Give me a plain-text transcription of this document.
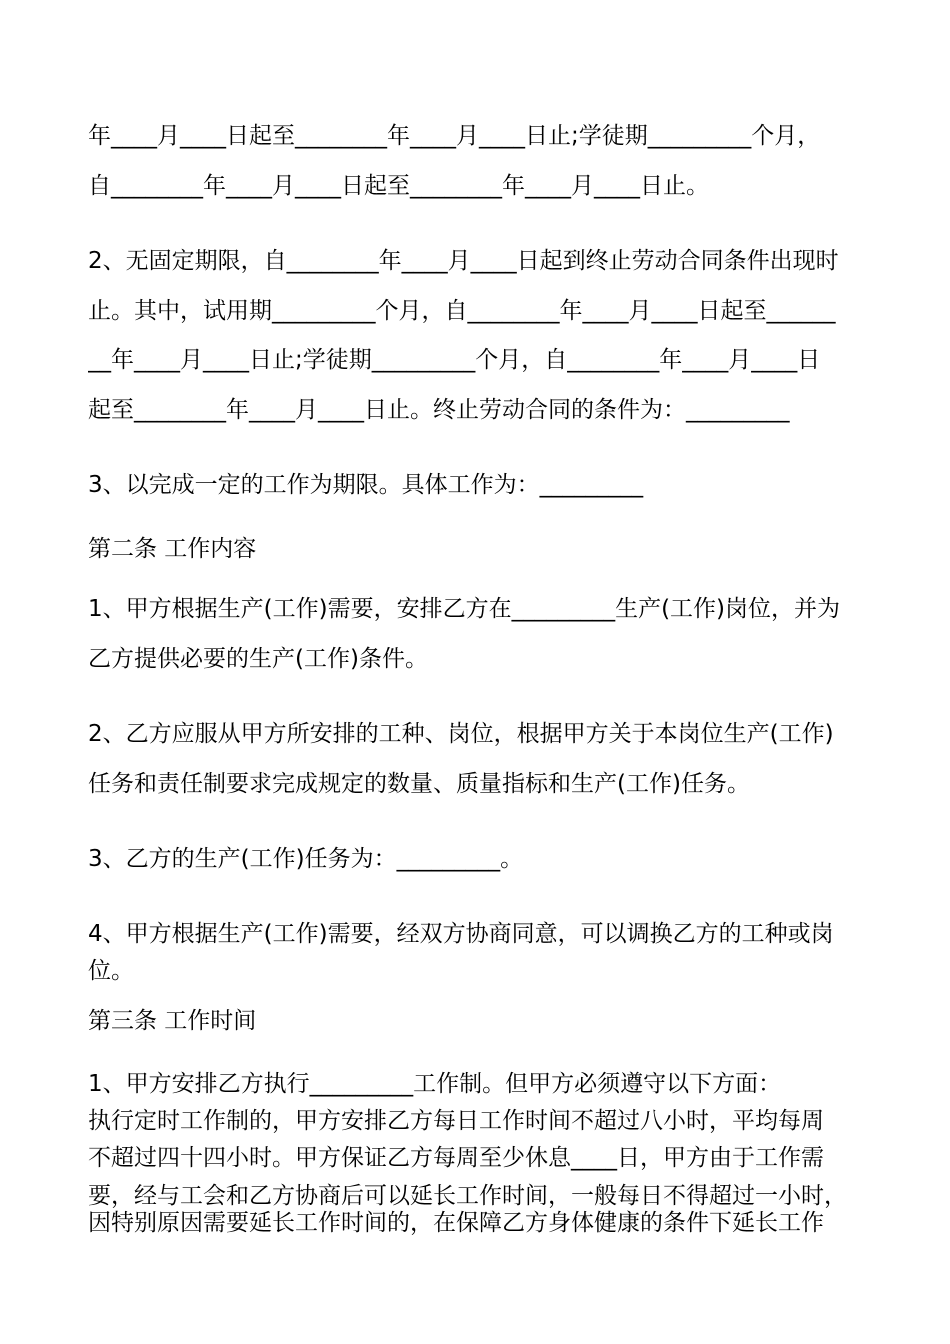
年____月____日起至________年____月____日止;学徒期_________个月，
自________年____月____日起至________年____月____日止。
2、无固定期限，自________年____月____日起到终止劳动合同条件出现时
止。其中，试用期_________个月，自________年____月____日起至______
__年____月____日止;学徒期_________个月，自________年____月____日
起至________年____月____日止。终止劳动合同的条件为：_________
3、以完成一定的工作为期限。具体工作为：_________
第二条 工作内容
1、甲方根据生产(工作)需要，安排乙方在_________生产(工作)岗位，并为
乙方提供必要的生产(工作)条件。
2、乙方应服从甲方所安排的工种、岗位，根据甲方关于本岗位生产(工作)
任务和责任制要求完成规定的数量、质量指标和生产(工作)任务。
3、乙方的生产(工作)任务为：_________。
4、甲方根据生产(工作)需要，经双方协商同意，可以调换乙方的工种或岗
位。
第三条 工作时间
1、甲方安排乙方执行_________工作制。但甲方必须遵守以下方面：
执行定时工作制的，甲方安排乙方每日工作时间不超过八小时，平均每周
不超过四十四小时。甲方保证乙方每周至少休息____日，甲方由于工作需
要，经与工会和乙方协商后可以延长工作时间，一般每日不得超过一小时，
因特别原因需要延长工作时间的，在保障乙方身体健康的条件下延长工作
